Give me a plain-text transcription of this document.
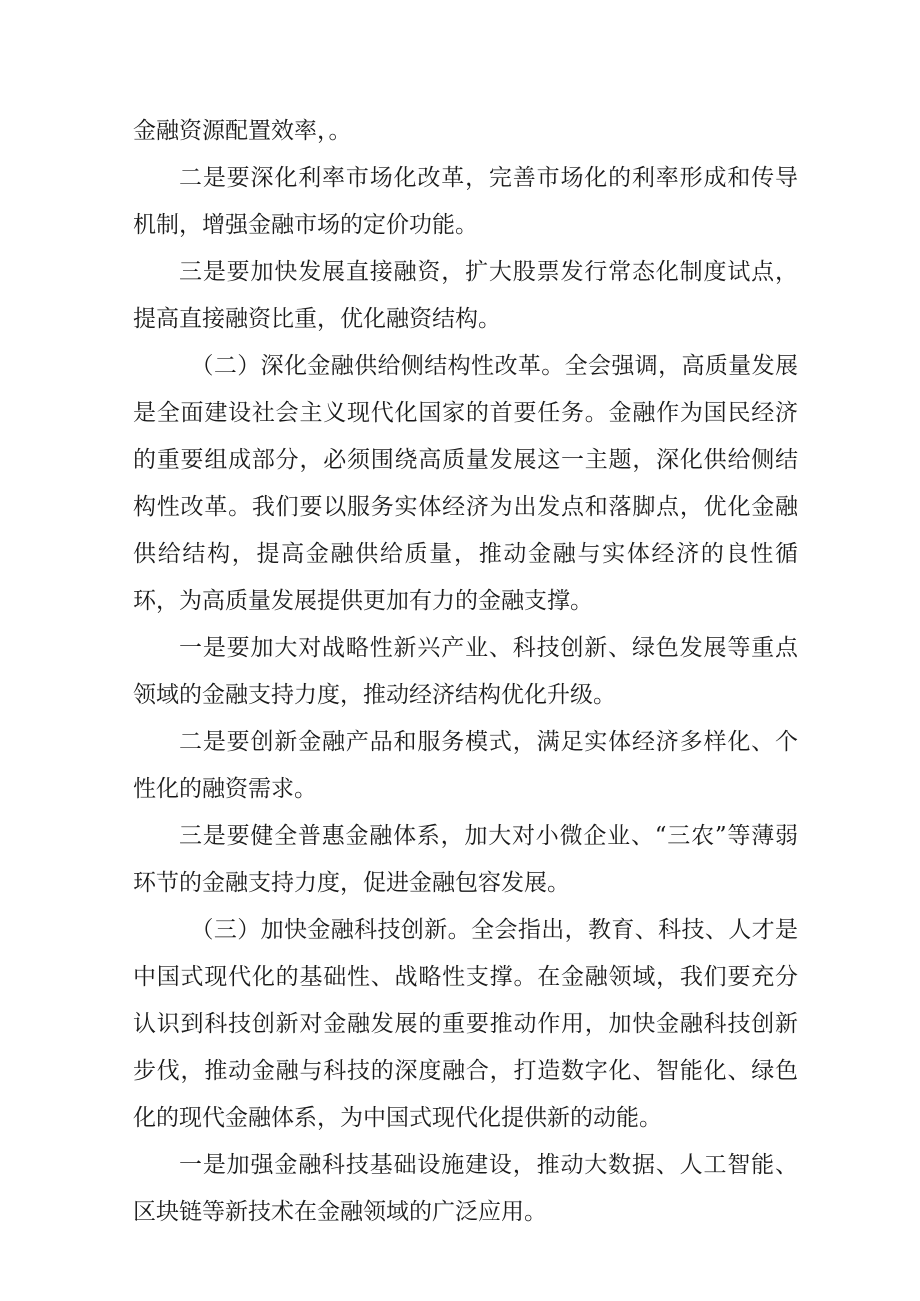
金融资源配置效率，。

二是要深化利率市场化改革，完善市场化的利率形成和传导机制，增强金融市场的定价功能。

三是要加快发展直接融资，扩大股票发行常态化制度试点，提高直接融资比重，优化融资结构。

（二）深化金融供给侧结构性改革。全会强调，高质量发展是全面建设社会主义现代化国家的首要任务。金融作为国民经济的重要组成部分，必须围绕高质量发展这一主题，深化供给侧结构性改革。我们要以服务实体经济为出发点和落脚点，优化金融供给结构，提高金融供给质量，推动金融与实体经济的良性循环，为高质量发展提供更加有力的金融支撑。

一是要加大对战略性新兴产业、科技创新、绿色发展等重点领域的金融支持力度，推动经济结构优化升级。

二是要创新金融产品和服务模式，满足实体经济多样化、个性化的融资需求。

三是要健全普惠金融体系，加大对小微企业、“三农”等薄弱环节的金融支持力度，促进金融包容发展。

（三）加快金融科技创新。全会指出，教育、科技、人才是中国式现代化的基础性、战略性支撑。在金融领域，我们要充分认识到科技创新对金融发展的重要推动作用，加快金融科技创新步伐，推动金融与科技的深度融合，打造数字化、智能化、绿色化的现代金融体系，为中国式现代化提供新的动能。

一是加强金融科技基础设施建设，推动大数据、人工智能、区块链等新技术在金融领域的广泛应用。
